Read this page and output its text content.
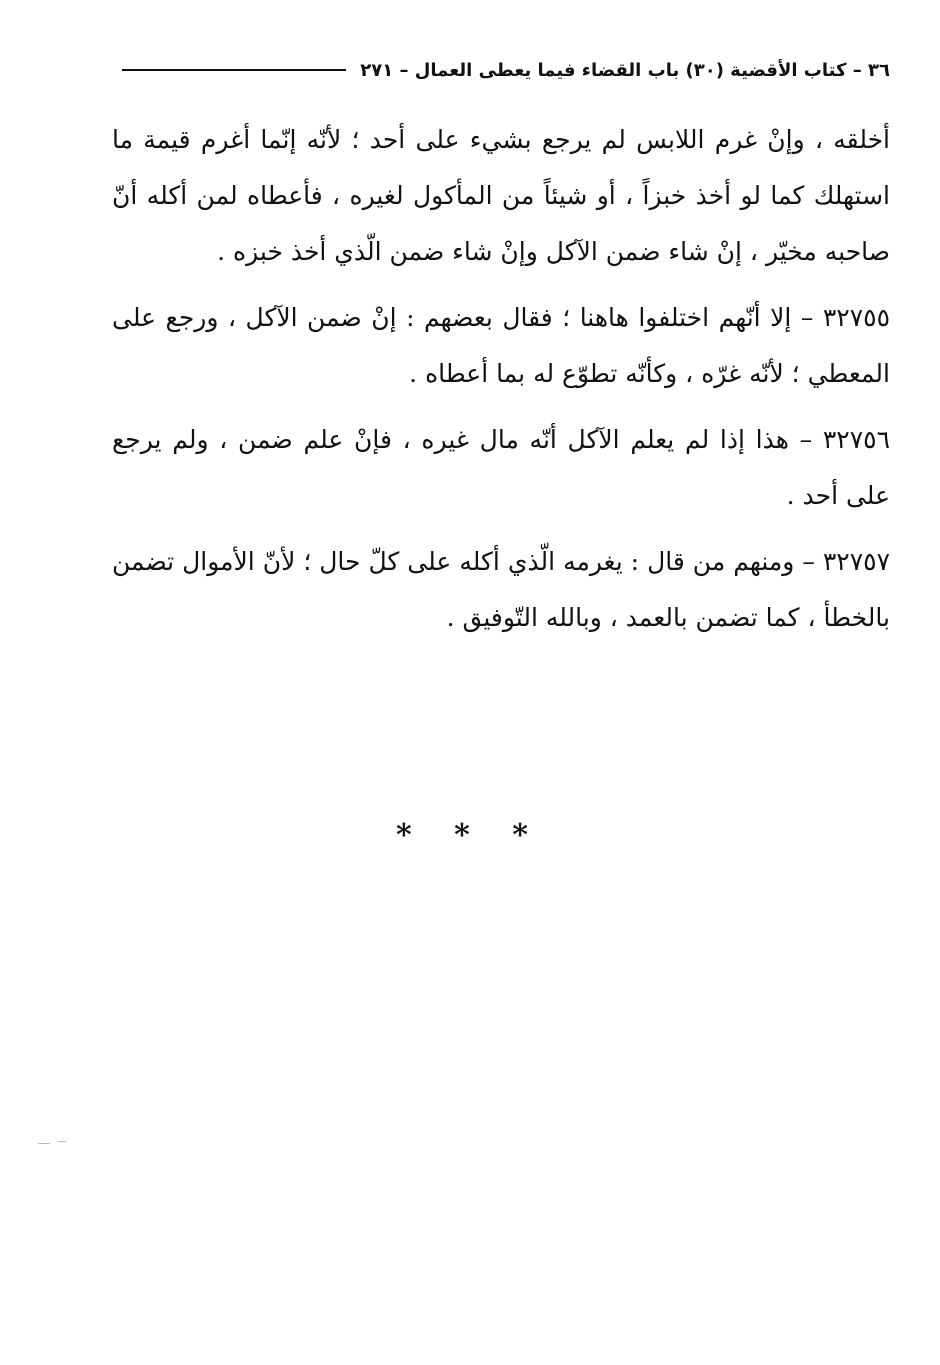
٣٦ – كتاب الأقضية (٣٠) باب القضاء فيما يعطى العمال – ٢٧١

أخلقه ، وإنْ غرم اللابس لم يرجع بشيء على أحد ؛ لأنّه إنّما أغرم قيمة ما استهلك كما لو أخذ خبزاً ، أو شيئاً من المأكول لغيره ، فأعطاه لمن أكله أنّ صاحبه مخيّر ، إنْ شاء ضمن الآكل وإنْ شاء ضمن الّذي أخذ خبزه .

٣٢٧٥٥ – إلا أنّهم اختلفوا هاهنا ؛ فقال بعضهم : إنْ ضمن الآكل ، ورجع على المعطي ؛ لأنّه غرّه ، وكأنّه تطوّع له بما أعطاه .

٣٢٧٥٦ – هذا إذا لم يعلم الآكل أنّه مال غيره ، فإنْ علم ضمن ، ولم يرجع على أحد .

٣٢٧٥٧ – ومنهم من قال : يغرمه الّذي أكله على كلّ حال ؛ لأنّ الأموال تضمن بالخطأ ، كما تضمن بالعمد ، وبالله التّوفيق .

* * *
